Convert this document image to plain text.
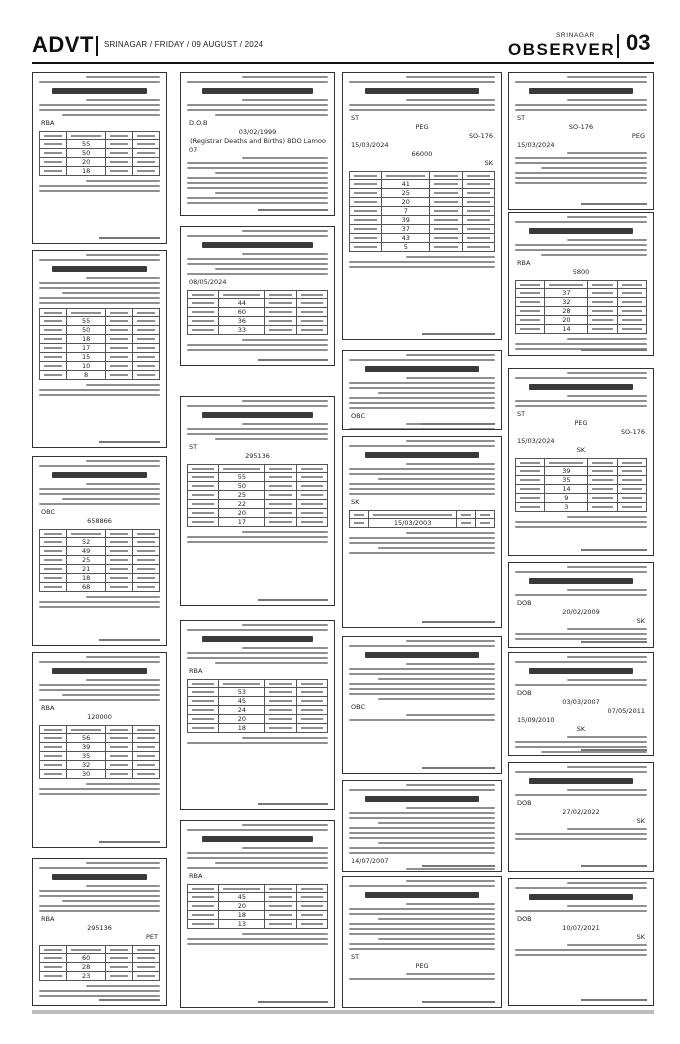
ADVT SRINAGAR / FRIDAY / 09 AUGUST / 2024
SRINAGAR
OBSERVER 03
RBA

	55	

	50	

	20	

	18	

	55	

	50	

	18	

	17	

	15	

	10	

	8	

OBC
658866

	52	

	49	

	25	

	21	

	18	

	68	

RBA
120000

	56	

	39	

	35	

	32	

	30	

RBA
295136
PET

	60	

	28	

	23	

D.O.B
03/02/1999
(Registrar Deaths and Births) BDO Larnoo
07
08/05/2024

	44	

	60	

	36	

	33	

ST
295136

	55	

	50	

	25	

	22	

	20	

	17	

RBA

	53	

	45	

	24	

	20	

	18	

RBA

	45	

	20	

	18	

	13	

ST
PEG
SO-176
15/03/2024
66000
SK

	41	

	25	

	20	

	7	

	39	

	37	

	43	

	5	

OBC
SK

	15/03/2003	

OBC
14/07/2007
ST
PEG
ST
SO-176
PEG
15/03/2024
RBA
5800

	37	

	32	

	28	

	20	

	14	

ST
PEG
SO-176
15/03/2024
SK

	39	

	35	

	14	

	9	

	3	

DOB
20/02/2009
SK
DOB
03/03/2007
07/05/2011
15/09/2010
SK
DOB
27/02/2022
SK
DOB
10/07/2021
SK
